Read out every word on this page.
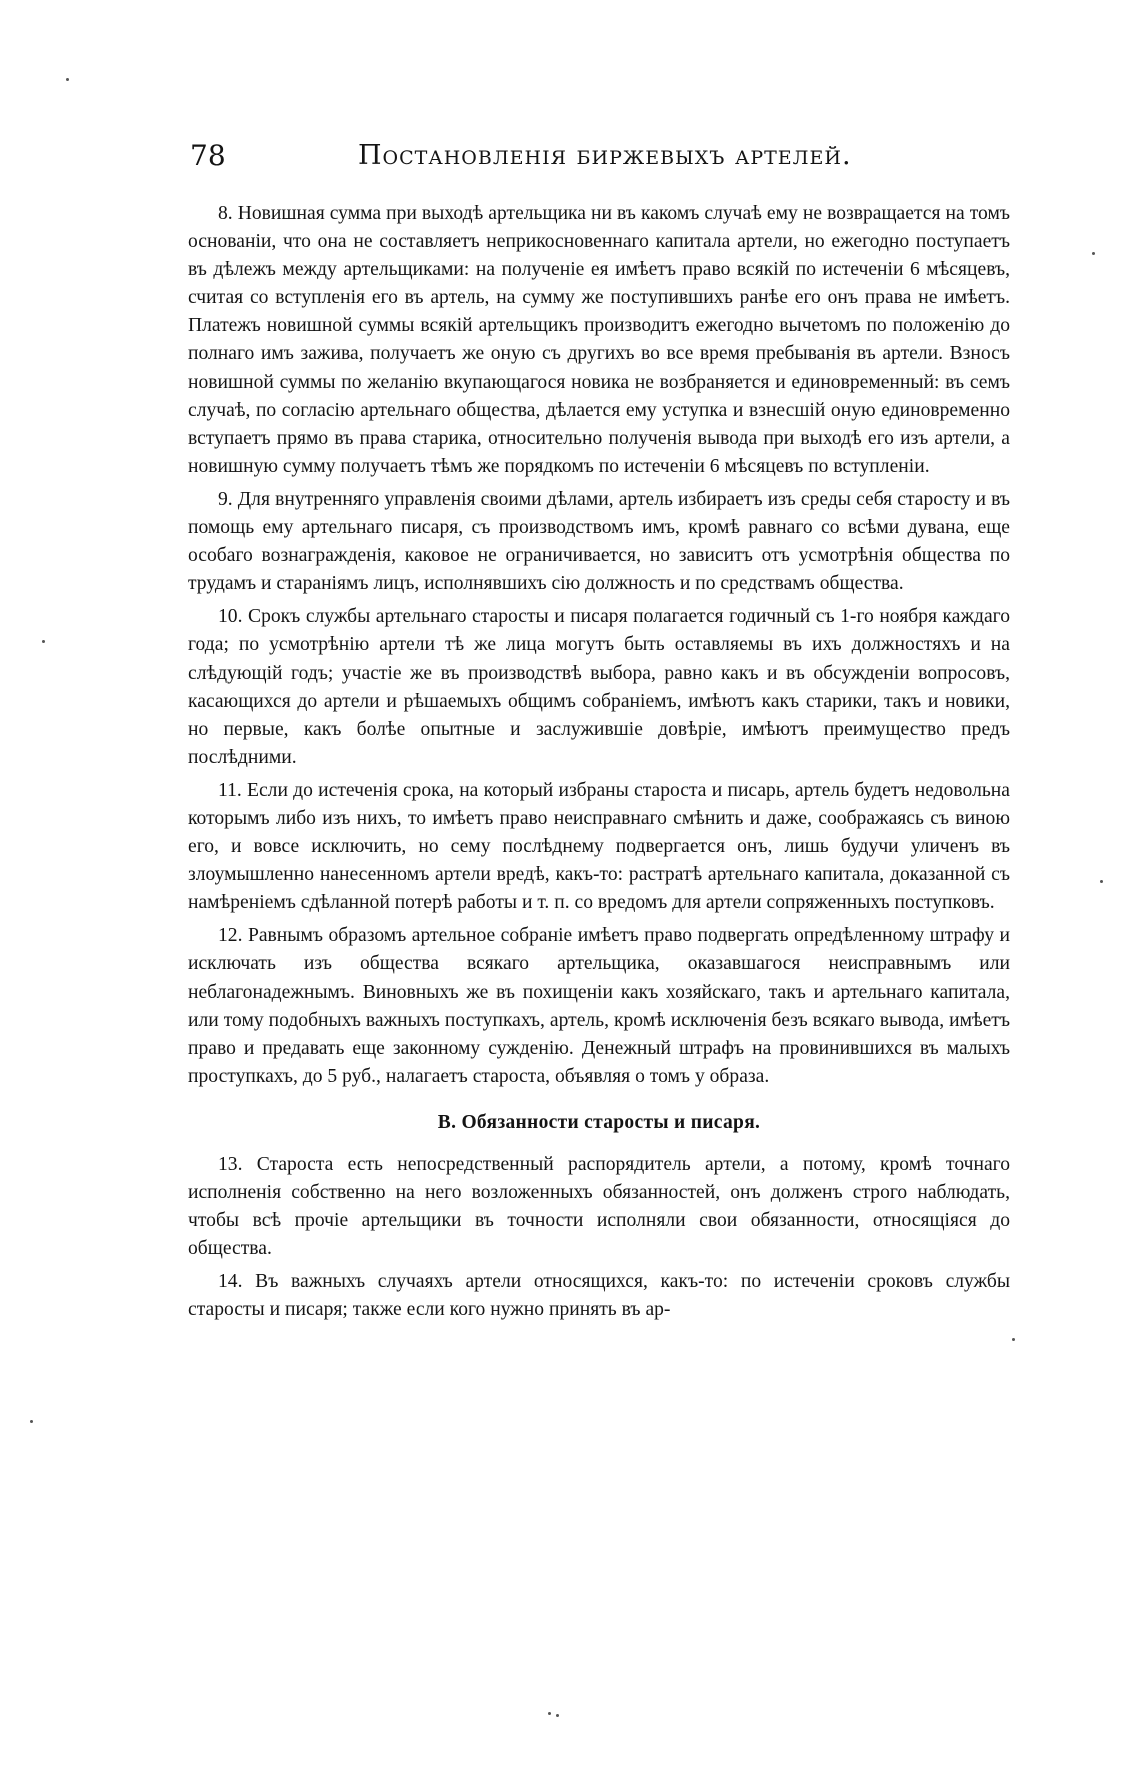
78	Постановленія биржевыхъ артелей.

8. Новишная сумма при выходѣ артельщика ни въ какомъ случаѣ ему не возвращается на томъ основаніи, что она не составляетъ неприкосновеннаго капитала артели, но ежегодно поступаетъ въ дѣлежъ между артельщиками: на полученіе ея имѣетъ право всякій по истеченіи 6 мѣсяцевъ, считая со вступленія его въ артель, на сумму же поступившихъ ранѣе его онъ права не имѣетъ. Платежъ новишной суммы всякій артельщикъ производитъ ежегодно вычетомъ по положенію до полнаго имъ зажива, получаетъ же оную съ другихъ во все время пребыванія въ артели. Взносъ новишной суммы по желанію вкупающагося новика не возбраняется и единовременный: въ семъ случаѣ, по согласію артельнаго общества, дѣлается ему уступка и взнесшій оную единовременно вступаетъ прямо въ права старика, относительно полученія вывода при выходѣ его изъ артели, а новишную сумму получаетъ тѣмъ же порядкомъ по истеченіи 6 мѣсяцевъ по вступленіи.

9. Для внутренняго управленія своими дѣлами, артель избираетъ изъ среды себя старосту и въ помощь ему артельнаго писаря, съ производствомъ имъ, кромѣ равнаго со всѣми дувана, еще особаго вознагражденія, каковое не ограничивается, но зависитъ отъ усмотрѣнія общества по трудамъ и стараніямъ лицъ, исполнявшихъ сію должность и по средствамъ общества.

10. Срокъ службы артельнаго старосты и писаря полагается годичный съ 1-го ноября каждаго года; по усмотрѣнію артели тѣ же лица могутъ быть оставляемы въ ихъ должностяхъ и на слѣдующій годъ; участіе же въ производствѣ выбора, равно какъ и въ обсужденіи вопросовъ, касающихся до артели и рѣшаемыхъ общимъ собраніемъ, имѣютъ какъ старики, такъ и новики, но первые, какъ болѣе опытные и заслужившіе довѣріе, имѣютъ преимущество предъ послѣдними.

11. Если до истеченія срока, на который избраны староста и писарь, артель будетъ недовольна которымъ либо изъ нихъ, то имѣетъ право неисправнаго смѣнить и даже, соображаясь съ виною его, и вовсе исключить, но сему послѣднему подвергается онъ, лишь будучи уличенъ въ злоумышленно нанесенномъ артели вредѣ, какъ-то: растратѣ артельнаго капитала, доказанной съ намѣреніемъ сдѣланной потерѣ работы и т. п. со вредомъ для артели сопряженныхъ поступковъ.

12. Равнымъ образомъ артельное собраніе имѣетъ право подвергать опредѣленному штрафу и исключать изъ общества всякаго артельщика, оказавшагося неисправнымъ или неблагонадежнымъ. Виновныхъ же въ похищеніи какъ хозяйскаго, такъ и артельнаго капитала, или тому подобныхъ важныхъ поступкахъ, артель, кромѣ исключенія безъ всякаго вывода, имѣетъ право и предавать еще законному сужденію. Денежный штрафъ на провинившихся въ малыхъ проступкахъ, до 5 руб., налагаетъ староста, объявляя о томъ у образа.

В. Обязанности старосты и писаря.

13. Староста есть непосредственный распорядитель артели, а потому, кромѣ точнаго исполненія собственно на него возложенныхъ обязанностей, онъ долженъ строго наблюдать, чтобы всѣ прочіе артельщики въ точности исполняли свои обязанности, относящіяся до общества.

14. Въ важныхъ случаяхъ артели относящихся, какъ-то: по истеченіи сроковъ службы старосты и писаря; также если кого нужно принять въ ар-
